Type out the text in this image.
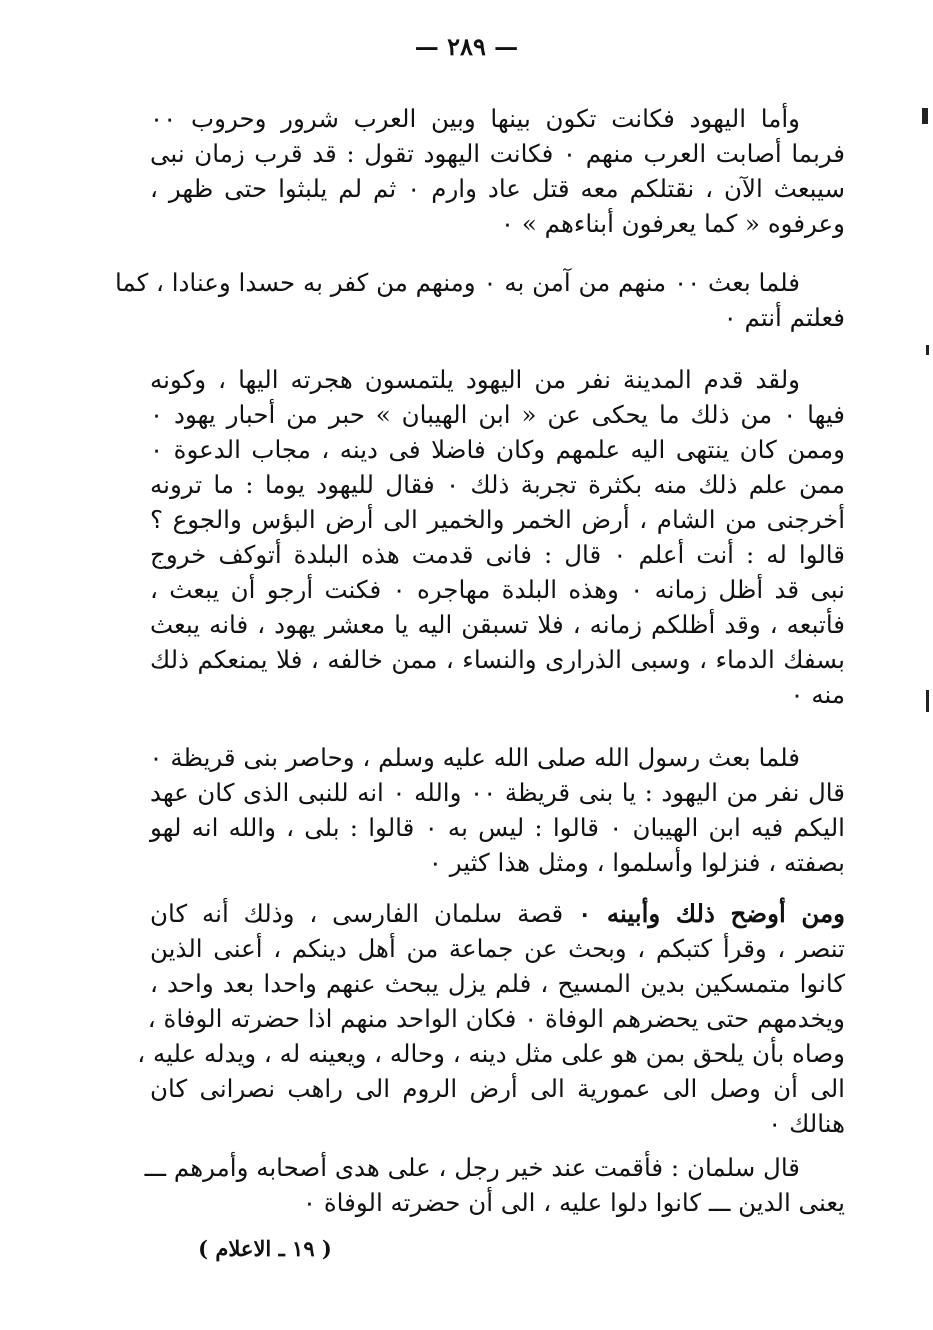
— ٢٨٩ —
وأما اليهود فكانت تكون بينها وبين العرب شرور وحروب ٠٠
فربما أصابت العرب منهم ٠ فكانت اليهود تقول : قد قرب زمان نبى
سيبعث الآن ، نقتلكم معه قتل عاد وارم ٠ ثم لم يلبثوا حتى ظهر ،
وعرفوه « كما يعرفون أبناءهم » ٠
فلما بعث ٠٠ منهم من آمن به ٠ ومنهم من كفر به حسدا وعنادا ، كما
فعلتم أنتم ٠
ولقد قدم المدينة نفر من اليهود يلتمسون هجرته اليها ، وكونه
فيها ٠ من ذلك ما يحكى عن « ابن الهيبان » حبر من أحبار يهود ٠
وممن كان ينتهى اليه علمهم وكان فاضلا فى دينه ، مجاب الدعوة ٠
ممن علم ذلك منه بكثرة تجربة ذلك ٠ فقال لليهود يوما : ما ترونه
أخرجنى من الشام ، أرض الخمر والخمير الى أرض البؤس والجوع ؟
قالوا له : أنت أعلم ٠ قال : فانى قدمت هذه البلدة أتوكف خروج
نبى قد أظل زمانه ٠ وهذه البلدة مهاجره ٠ فكنت أرجو أن يبعث ،
فأتبعه ، وقد أظلكم زمانه ، فلا تسبقن اليه يا معشر يهود ، فانه يبعث
بسفك الدماء ، وسبى الذرارى والنساء ، ممن خالفه ، فلا يمنعكم ذلك
منه ٠
فلما بعث رسول الله صلى الله عليه وسلم ، وحاصر بنى قريظة ٠
قال نفر من اليهود : يا بنى قريظة ٠٠ والله ٠ انه للنبى الذى كان عهد
اليكم فيه ابن الهيبان ٠ قالوا : ليس به ٠ قالوا : بلى ، والله انه لهو
بصفته ، فنزلوا وأسلموا ، ومثل هذا كثير ٠
ومن أوضح ذلك وأبينه ٠ قصة سلمان الفارسى ، وذلك أنه كان
تنصر ، وقرأ كتبكم ، وبحث عن جماعة من أهل دينكم ، أعنى الذين
كانوا متمسكين بدين المسيح ، فلم يزل يبحث عنهم واحدا بعد واحد ،
ويخدمهم حتى يحضرهم الوفاة ٠ فكان الواحد منهم اذا حضرته الوفاة ،
وصاه بأن يلحق بمن هو على مثل دينه ، وحاله ، ويعينه له ، ويدله عليه ،
الى أن وصل الى عمورية الى أرض الروم الى راهب نصرانى كان
هنالك ٠
قال سلمان : فأقمت عند خير رجل ، على هدى أصحابه وأمرهم ـــ
يعنى الدين ـــ كانوا دلوا عليه ، الى أن حضرته الوفاة ٠
( ١٩ ـ الاعلام )
